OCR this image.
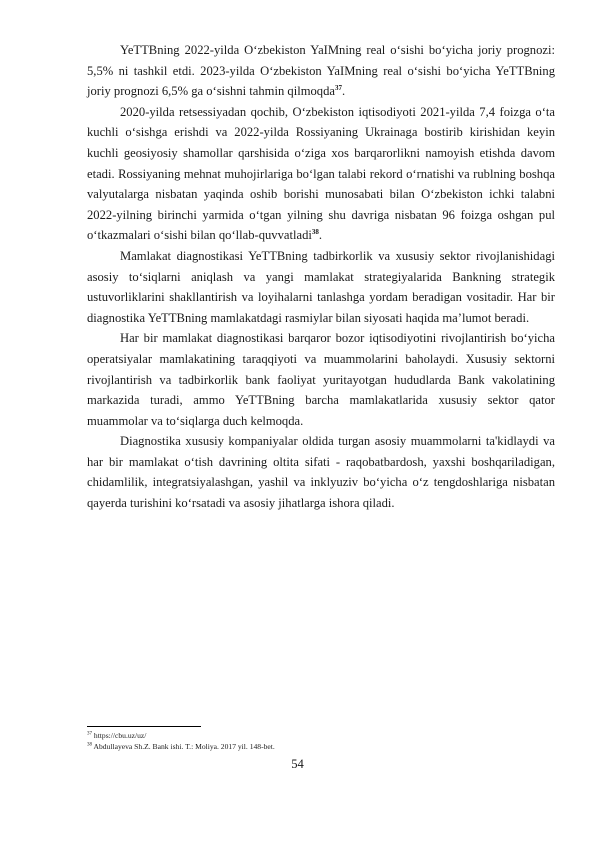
YeTTBning 2022-yilda O‘zbekiston YaIMning real o‘sishi bo‘yicha joriy prognozi: 5,5% ni tashkil etdi. 2023-yilda O‘zbekiston YaIMning real o‘sishi bo‘yicha YeTTBning joriy prognozi 6,5% ga o‘sishni tahmin qilmoqda$^{37}$.

2020-yilda retsessiyadan qochib, O‘zbekiston iqtisodiyoti 2021-yilda 7,4 foizga o‘ta kuchli o‘sishga erishdi va 2022-yilda Rossiyaning Ukrainaga bostirib kirishidan keyin kuchli geosiyosiy shamollar qarshisida o‘ziga xos barqarorlikni namoyish etishda davom etadi. Rossiyaning mehnat muhojirlariga bo‘lgan talabi rekord o‘rnatishi va rublning boshqa valyutalarga nisbatan yaqinda oshib borishi munosabati bilan O‘zbekiston ichki talabni 2022-yilning birinchi yarmida o‘tgan yilning shu davriga nisbatan 96 foizga oshgan pul o‘tkazmalari o‘sishi bilan qo‘llab-quvvatladi$^{38}$.

Mamlakat diagnostikasi YeTTBning tadbirkorlik va xususiy sektor rivojlanishidagi asosiy to‘siqlarni aniqlash va yangi mamlakat strategiyalarida Bankning strategik ustuvorliklarini shakllantirish va loyihalarni tanlashga yordam beradigan vositadir. Har bir diagnostika YeTTBning mamlakatdagi rasmiylar bilan siyosati haqida ma’lumot beradi.

Har bir mamlakat diagnostikasi barqaror bozor iqtisodiyotini rivojlantirish bo‘yicha operatsiyalar mamlakatining taraqqiyoti va muammolarini baholaydi. Xususiy sektorni rivojlantirish va tadbirkorlik bank faoliyat yuritayotgan hududlarda Bank vakolatining markazida turadi, ammo YeTTBning barcha mamlakatlarida xususiy sektor qator muammolar va to‘siqlarga duch kelmoqda.

Diagnostika xususiy kompaniyalar oldida turgan asosiy muammolarni ta'kidlaydi va har bir mamlakat o‘tish davrining oltita sifati - raqobatbardosh, yaxshi boshqariladigan, chidamlilik, integratsiyalashgan, yashil va inklyuziv bo‘yicha o‘z tengdoshlariga nisbatan qayerda turishini ko‘rsatadi va asosiy jihatlarga ishora qiladi.

$^{37}$ https://cbu.uz/uz/

$^{38}$ Abdullayeva Sh.Z. Bank ishi. T.: Moliya. 2017 yil. 148-bet.

54
